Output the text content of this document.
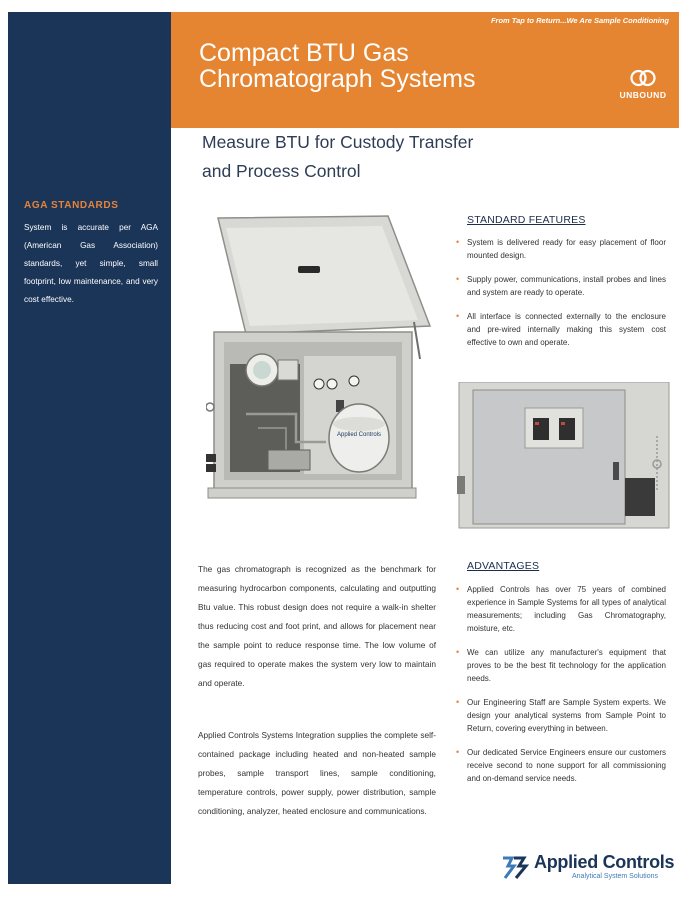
AGA STANDARDS
System is accurate per AGA (American Gas Association) standards, yet simple, small footprint, low maintenance, and very cost effective.
From Tap to Return...We Are Sample Conditioning
Compact BTU Gas
Chromatograph Systems
UNBOUND
Measure BTU for Custody Transfer
and Process Control
Applied Controls
STANDARD FEATURES
• System is delivered ready for easy placement of floor mounted design.
• Supply power, communications, install probes and lines and system are ready to operate.
• All interface is connected externally to the enclosure and pre-wired internally making this system cost effective to own and operate.
The gas chromatograph is recognized as the benchmark for measuring hydrocarbon components, calculating and outputting Btu value. This robust design does not require a walk-in shelter thus reducing cost and foot print, and allows for placement near the sample point to reduce response time. The low volume of gas required to operate makes the system very low to maintain and operate.
Applied Controls Systems Integration supplies the complete self-contained package including heated and non-heated sample probes, sample transport lines, sample conditioning, temperature controls, power supply, power distribution, sample conditioning, analyzer, heated enclosure and communications.
ADVANTAGES
• Applied Controls has over 75 years of combined experience in Sample Systems for all types of analytical measurements; including Gas Chromatography, moisture, etc.
• We can utilize any manufacturer's equipment that proves to be the best fit technology for the application needs.
• Our Engineering Staff are Sample System experts. We design your analytical systems from Sample Point to Return, covering everything in between.
• Our dedicated Service Engineers ensure our customers receive second to none support for all commissioning and on-demand service needs.
Applied Controls
Analytical System Solutions
